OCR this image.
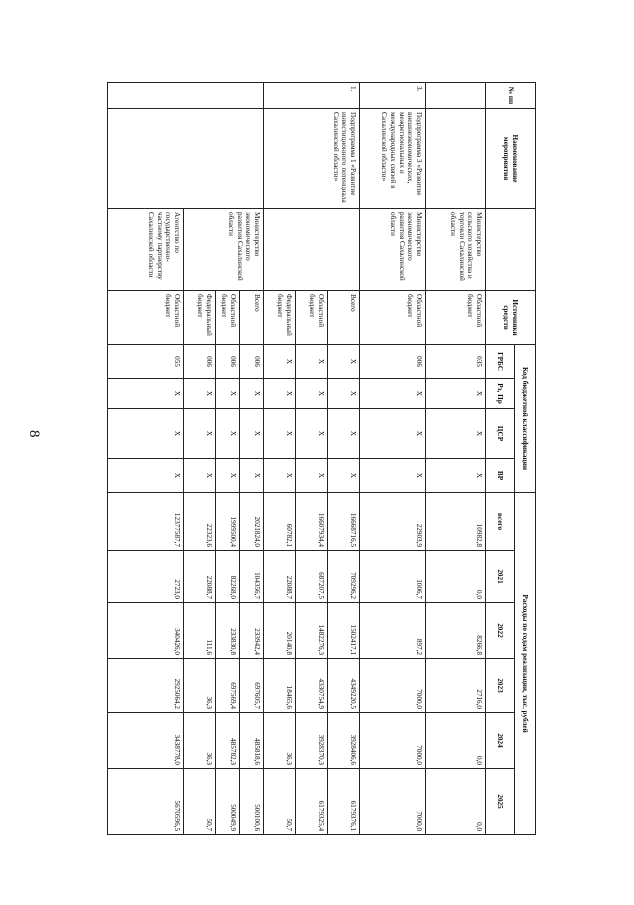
8
№ пп	Наименование мероприятия		Источники средств	Код бюджетной классификации				Расходы по годам реализации, тыс. рублей					
				ГРБС	Рз, Пр	ЦСР	ВР	всего	2021	2022	2023	2024	2025
		Министерство сельского хозяйства и торговли Сахалинской области	Областной бюджет	035	Х	Х	Х	10982,8	0,0	8266,8	2716,0	0,0	0,0
3.	Подпрограмма 3 «Развитие внешнеэкономических, межрегиональных и международных связей в Сахалинской области»	Министерство экономического развития Сахалинской области	Областной бюджет	006	Х	Х	Х	22903,9	1006,7	897,2	7000,0	7000,0	7000,0
1.	Подпрограмма 1 «Развитие инвестиционного потенциала Сахалинской области»		Всего	Х	Х	Х	Х	16668716,5	709296,2	1502417,1	4349220,5	3928406,6	6179376,1
			Областной бюджет	Х	Х	Х	Х	16607934,4	687207,5	1482276,3	4330754,9	3928370,3	6179325,4
			Федеральный бюджет	Х	Х	Х	Х	60782,1	22088,7	20140,8	18465,6	36,3	50,7
		Министерство экономического развития Сахалинской области	Всего	006	Х	Х	Х	2021824,0	104356,7	233942,4	697605,7	485818,6	500100,6
			Областной бюджет	006	Х	Х	Х	1999500,4	82268,0	233830,8	697569,4	485782,3	500049,9
			Федеральный бюджет	006	Х	Х	Х	22323,6	22088,7	111,6	36,3	36,3	50,7
		Агентство по государственно-частному партнерству Сахалинской области	Областной бюджет	055	Х	Х	Х	12377587,7	2723,0	340426,0	2925064,2	3438778,0	5670596,5
